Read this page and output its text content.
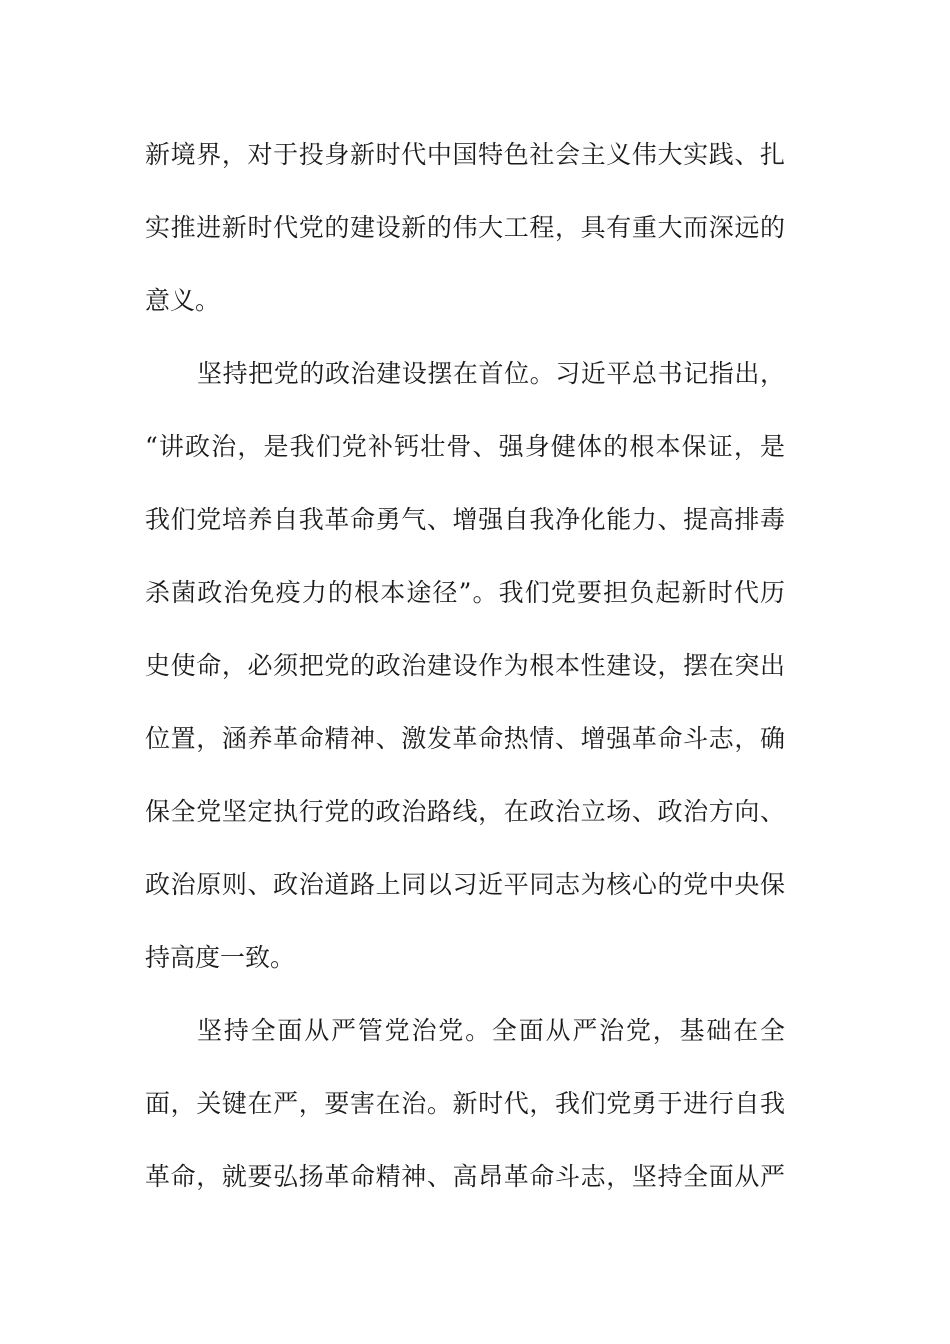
新境界，对于投身新时代中国特色社会主义伟大实践、扎
实推进新时代党的建设新的伟大工程，具有重大而深远的
意义。
坚持把党的政治建设摆在首位。习近平总书记指出，
“讲政治，是我们党补钙壮骨、强身健体的根本保证，是
我们党培养自我革命勇气、增强自我净化能力、提高排毒
杀菌政治免疫力的根本途径”。我们党要担负起新时代历
史使命，必须把党的政治建设作为根本性建设，摆在突出
位置，涵养革命精神、激发革命热情、增强革命斗志，确
保全党坚定执行党的政治路线，在政治立场、政治方向、
政治原则、政治道路上同以习近平同志为核心的党中央保
持高度一致。
坚持全面从严管党治党。全面从严治党，基础在全
面，关键在严，要害在治。新时代，我们党勇于进行自我
革命，就要弘扬革命精神、高昂革命斗志，坚持全面从严
